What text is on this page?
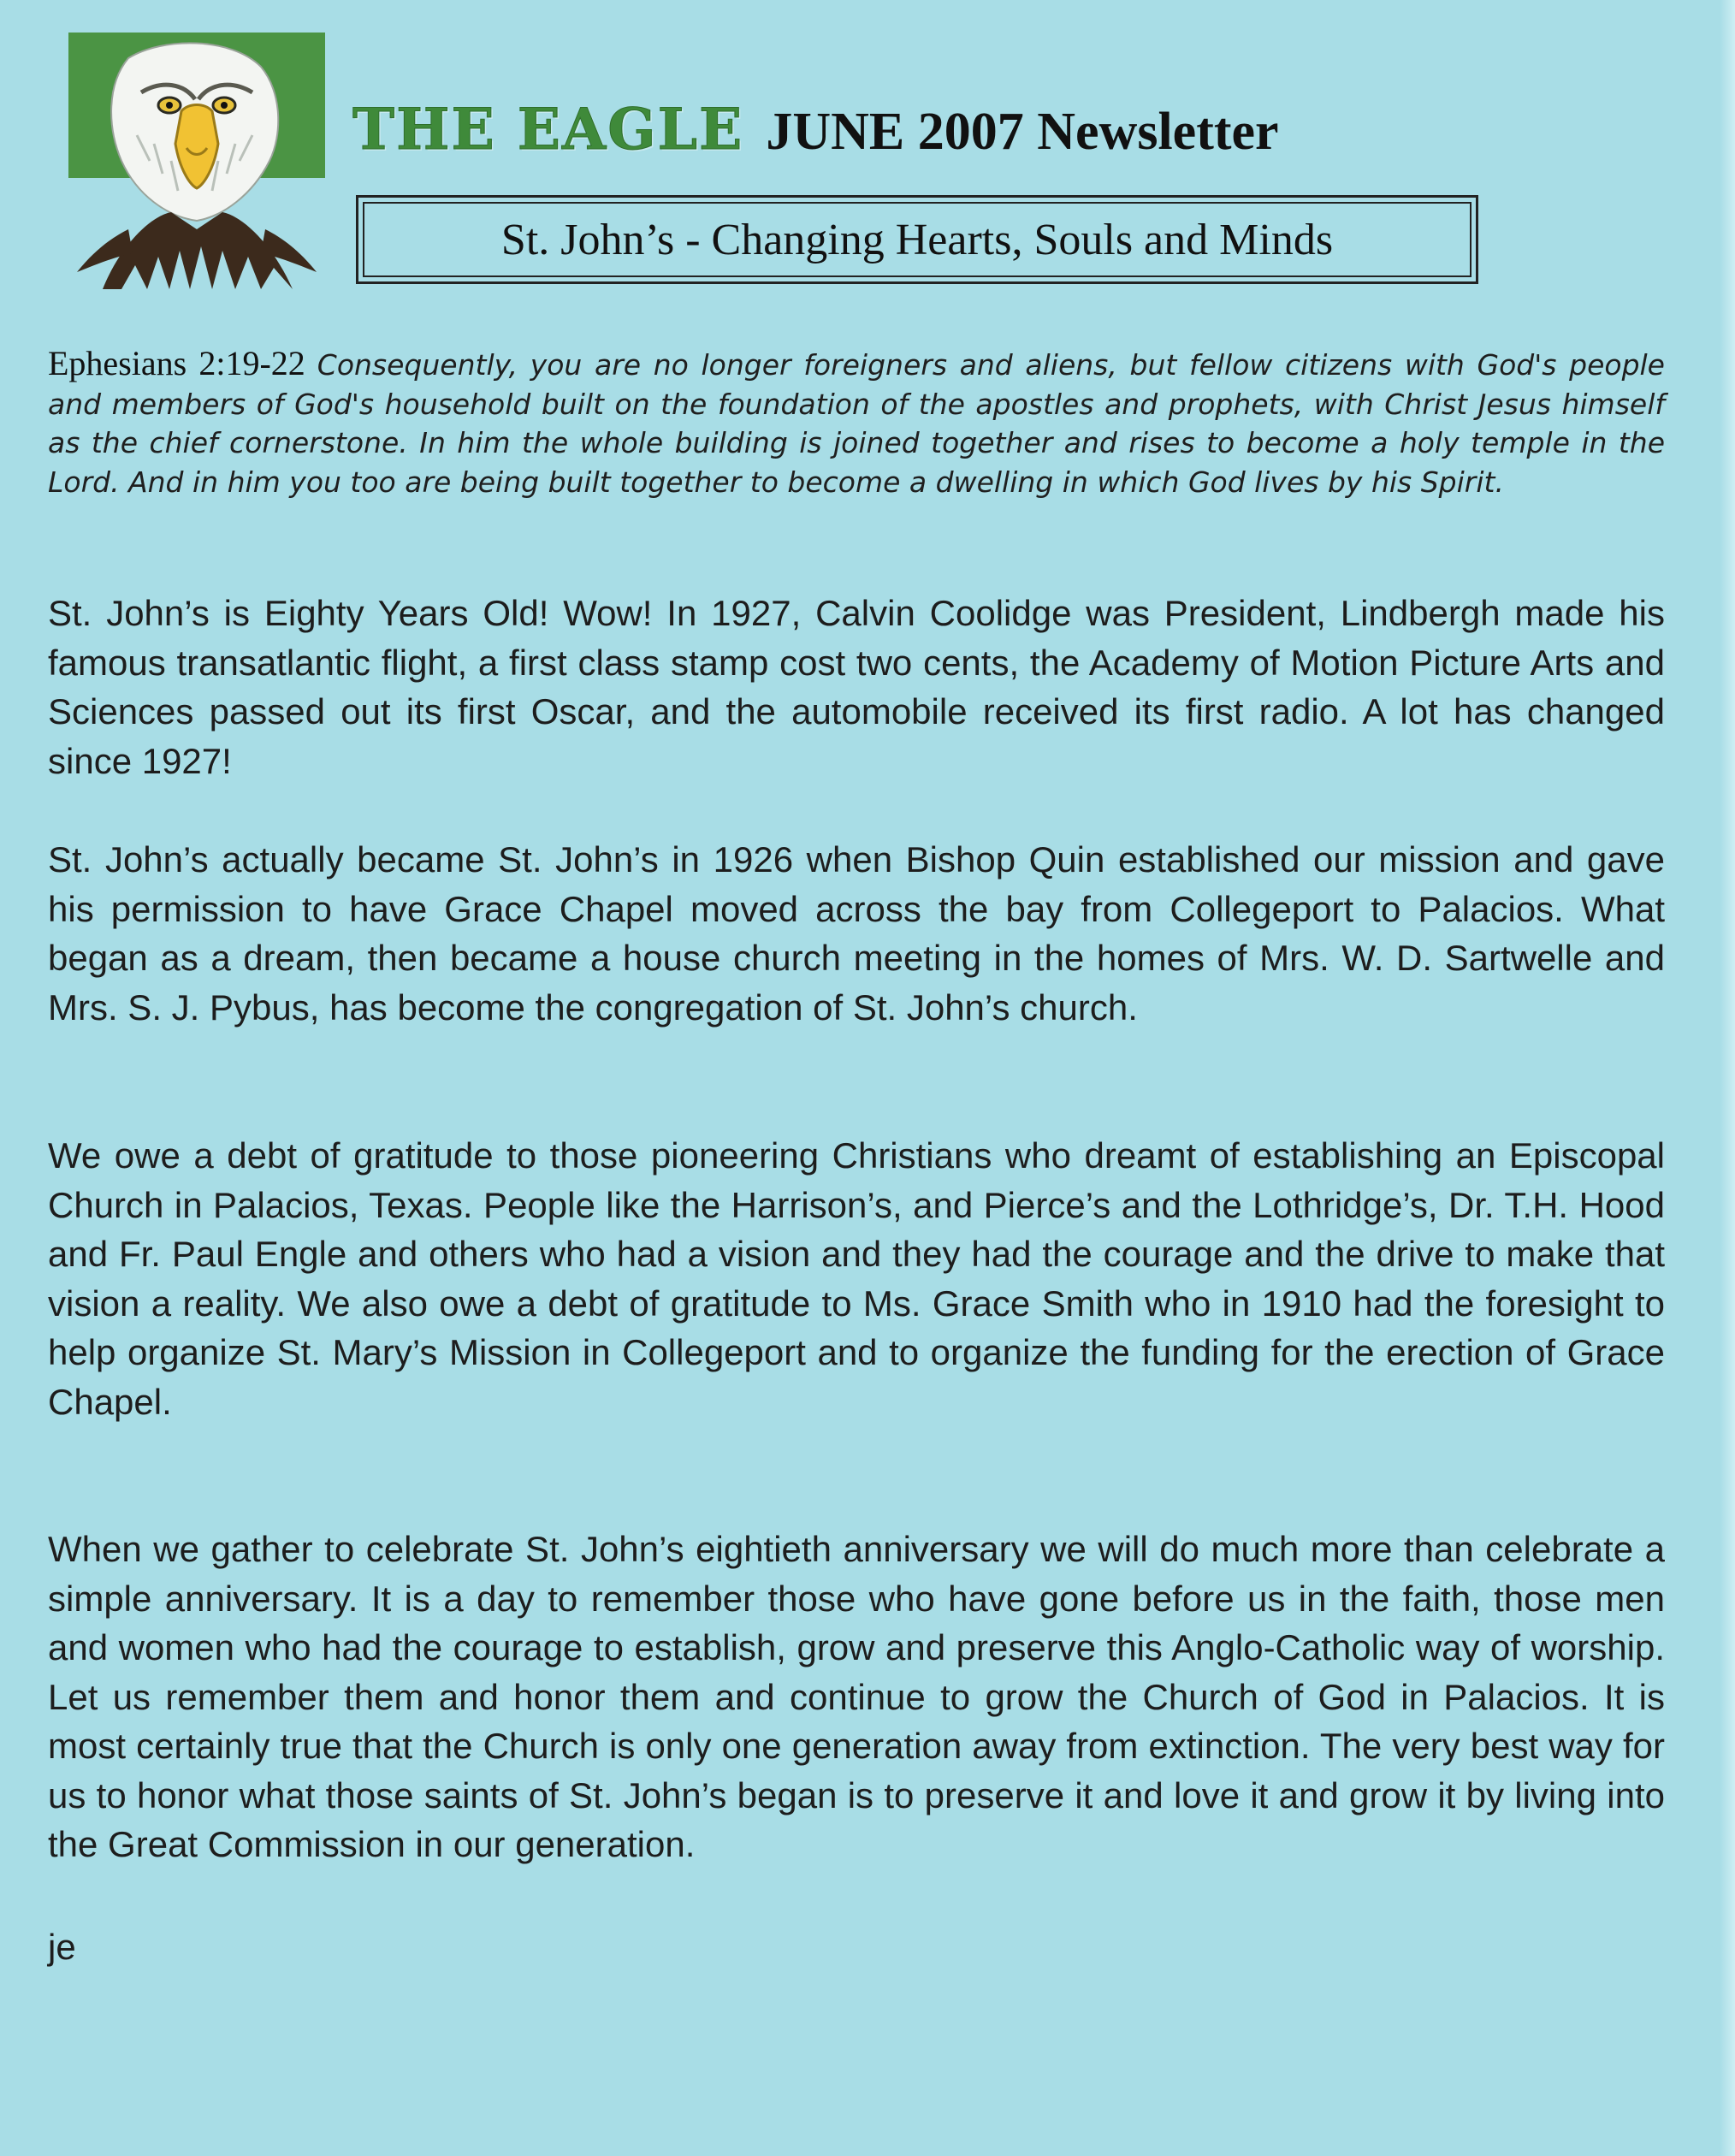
THE EAGLE JUNE 2007 Newsletter
St. John’s - Changing Hearts, Souls and Minds
Ephesians 2:19-22 Consequently, you are no longer foreigners and aliens, but fellow citizens with God's people and members of God's household built on the foundation of the apostles and prophets, with Christ Jesus himself as the chief cornerstone. In him the whole building is joined together and rises to become a holy temple in the Lord. And in him you too are being built together to become a dwelling in which God lives by his Spirit.

St. John’s is Eighty Years Old! Wow! In 1927, Calvin Coolidge was President, Lindbergh made his famous transatlantic flight, a first class stamp cost two cents, the Academy of Motion Picture Arts and Sciences passed out its first Oscar, and the automobile received its first radio. A lot has changed since 1927!

St. John’s actually became St. John’s in 1926 when Bishop Quin established our mission and gave his permission to have Grace Chapel moved across the bay from Collegeport to Palacios. What began as a dream, then became a house church meeting in the homes of Mrs. W. D. Sartwelle and Mrs. S. J. Pybus, has become the congregation of St. John’s church.

We owe a debt of gratitude to those pioneering Christians who dreamt of establishing an Episcopal Church in Palacios, Texas. People like the Harrison’s, and Pierce’s and the Lothridge’s, Dr. T.H. Hood and Fr. Paul Engle and others who had a vision and they had the courage and the drive to make that vision a reality. We also owe a debt of gratitude to Ms. Grace Smith who in 1910 had the foresight to help organize St. Mary’s Mission in Collegeport and to organize the funding for the erection of Grace Chapel.

When we gather to celebrate St. John’s eightieth anniversary we will do much more than celebrate a simple anniversary. It is a day to remember those who have gone before us in the faith, those men and women who had the courage to establish, grow and preserve this Anglo-Catholic way of worship. Let us remember them and honor them and continue to grow the Church of God in Palacios. It is most certainly true that the Church is only one generation away from extinction. The very best way for us to honor what those saints of St. John’s began is to preserve it and love it and grow it by living into the Great Commission in our generation.

je
